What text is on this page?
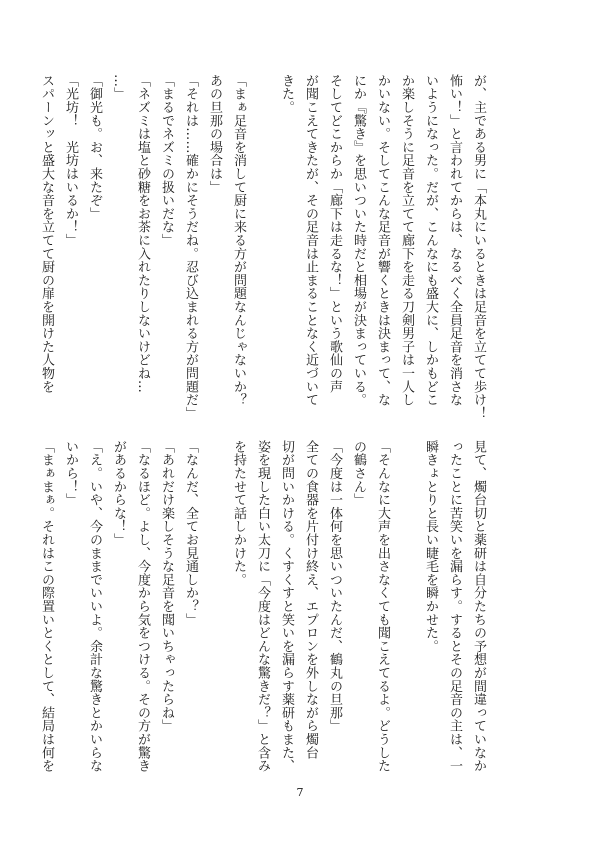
が、主である男に「本丸にいるときは足音を立てて歩け！

怖い！」と言われてからは、なるべく全員足音を消さな

いようになった。だが、こんなにも盛大に、しかもどこ

か楽しそうに足音を立てて廊下を走る刀剣男子は一人し

かいない。そしてこんな足音が響くときは決まって、な

にか『驚き』を思いついた時だと相場が決まっている。

そしてどこからか「廊下は走るな！」という歌仙の声

が聞こえてきたが、その足音は止まることなく近づいて

きた。

「まぁ足音を消して厨に来る方が問題なんじゃないか？

あの旦那の場合は」

「それは……確かにそうだね。忍び込まれる方が問題だ」

「まるでネズミの扱いだな」

「ネズミは塩と砂糖をお茶に入れたりしないけどね…

…」

「御光も。お、来たぞ」

「光坊！　光坊はいるか！」

スパーンッと盛大な音を立てて厨の扉を開けた人物を

見て、燭台切と薬研は自分たちの予想が間違っていなか

ったことに苦笑いを漏らす。するとその足音の主は、一

瞬きょとりと長い睫毛を瞬かせた。

「そんなに大声を出さなくても聞こえてるよ。どうした

の鶴さん」

「今度は一体何を思いついたんだ、鶴丸の旦那」

全ての食器を片付け終え、エプロンを外しながら燭台

切が問いかける。くすくすと笑いを漏らす薬研もまた、

姿を現した白い太刀に「今度はどんな驚きだ？」と含み

を持たせて話しかけた。

「なんだ、全てお見通しか？」

「あれだけ楽しそうな足音を聞いちゃったらね」

「なるほど。よし、今度から気をつける。その方が驚き

があるからな！」

「え。いや、今のままでいいよ。余計な驚きとかいらな

いから！」

「まぁまぁ。それはこの際置いとくとして、結局は何を

7
